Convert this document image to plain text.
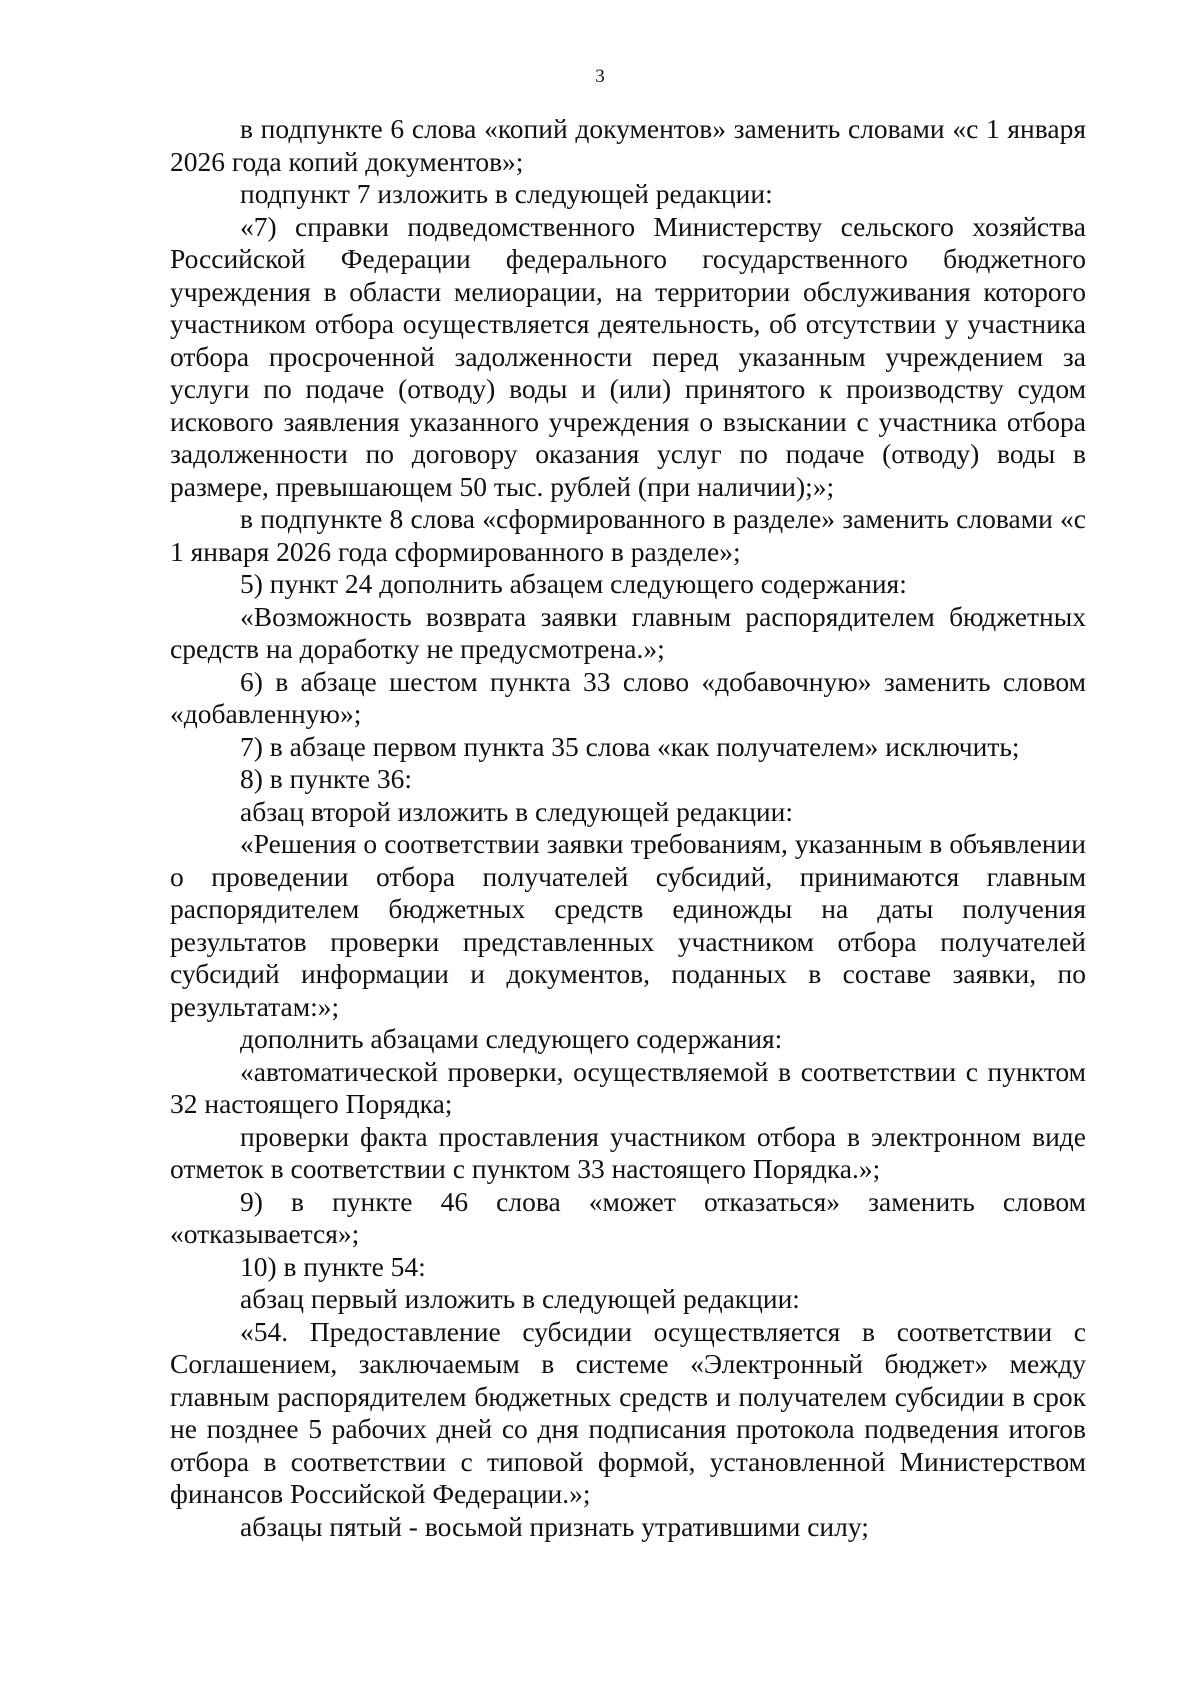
3

в подпункте 6 слова «копий документов» заменить словами «с 1 января 2026 года копий документов»;

подпункт 7 изложить в следующей редакции:

«7) справки подведомственного Министерству сельского хозяйства Российской Федерации федерального государственного бюджетного учреждения в области мелиорации, на территории обслуживания которого участником отбора осуществляется деятельность, об отсутствии у участника отбора просроченной задолженности перед указанным учреждением за услуги по подаче (отводу) воды и (или) принятого к производству судом искового заявления указанного учреждения о взыскании с участника отбора задолженности по договору оказания услуг по подаче (отводу) воды в размере, превышающем 50 тыс. рублей (при наличии);»;

в подпункте 8 слова «сформированного в разделе» заменить словами «с 1 января 2026 года сформированного в разделе»;

5) пункт 24 дополнить абзацем следующего содержания:

«Возможность возврата заявки главным распорядителем бюджетных средств на доработку не предусмотрена.»;

6) в абзаце шестом пункта 33 слово «добавочную» заменить словом «добавленную»;

7) в абзаце первом пункта 35 слова «как получателем» исключить;

8) в пункте 36:

абзац второй изложить в следующей редакции:

«Решения о соответствии заявки требованиям, указанным в объявлении о проведении отбора получателей субсидий, принимаются главным распорядителем бюджетных средств единожды на даты получения результатов проверки представленных участником отбора получателей субсидий информации и документов, поданных в составе заявки, по результатам:»;

дополнить абзацами следующего содержания:

«автоматической проверки, осуществляемой в соответствии с пунктом 32 настоящего Порядка;

проверки факта проставления участником отбора в электронном виде отметок в соответствии с пунктом 33 настоящего Порядка.»;

9) в пункте 46 слова «может отказаться» заменить словом «отказывается»;

10) в пункте 54:

абзац первый изложить в следующей редакции:

«54. Предоставление субсидии осуществляется в соответствии с Соглашением, заключаемым в системе «Электронный бюджет» между главным распорядителем бюджетных средств и получателем субсидии в срок не позднее 5 рабочих дней со дня подписания протокола подведения итогов отбора в соответствии с типовой формой, установленной Министерством финансов Российской Федерации.»;

абзацы пятый - восьмой признать утратившими силу;
